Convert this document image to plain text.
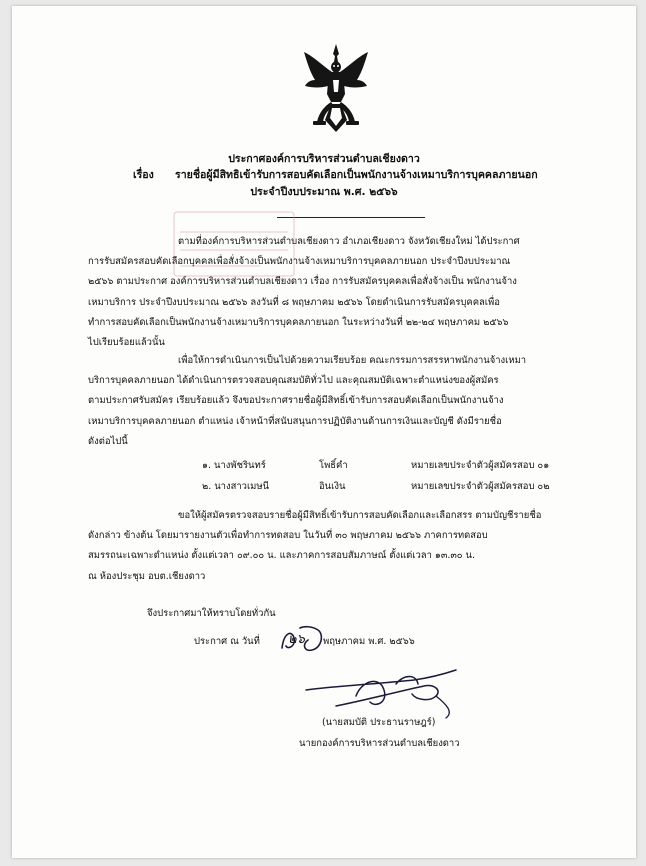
ประกาศองค์การบริหารส่วนตำบลเชียงดาว

เรื่อง รายชื่อผู้มีสิทธิเข้ารับการสอบคัดเลือกเป็นพนักงานจ้างเหมาบริการบุคคลภายนอก

ประจำปีงบประมาณ พ.ศ. ๒๕๖๖

ตามที่องค์การบริหารส่วนตำบลเชียงดาว อำเภอเชียงดาว จังหวัดเชียงใหม่ ได้ประกาศ
การรับสมัครสอบคัดเลือกบุคคลเพื่อสั่งจ้างเป็นพนักงานจ้างเหมาบริการบุคคลภายนอก ประจำปีงบประมาณ
๒๕๖๖ ตามประกาศ องค์การบริหารส่วนตำบลเชียงดาว เรื่อง การรับสมัครบุคคลเพื่อสั่งจ้างเป็น พนักงานจ้าง
เหมาบริการ ประจำปีงบประมาณ ๒๕๖๖ ลงวันที่ ๘ พฤษภาคม ๒๕๖๖ โดยดำเนินการรับสมัครบุคคลเพื่อ
ทำการสอบคัดเลือกเป็นพนักงานจ้างเหมาบริการบุคคลภายนอก ในระหว่างวันที่ ๒๒-๒๔ พฤษภาคม ๒๕๖๖
ไปเรียบร้อยแล้วนั้น
เพื่อให้การดำเนินการเป็นไปด้วยความเรียบร้อย คณะกรรมการสรรหาพนักงานจ้างเหมา
บริการบุคคลภายนอก ได้ดำเนินการตรวจสอบคุณสมบัติทั่วไป และคุณสมบัติเฉพาะตำแหน่งของผู้สมัคร
ตามประกาศรับสมัคร เรียบร้อยแล้ว จึงขอประกาศรายชื่อผู้มีสิทธิ์เข้ารับการสอบคัดเลือกเป็นพนักงานจ้าง
เหมาบริการบุคคลภายนอก ตำแหน่ง เจ้าหน้าที่สนับสนุนการปฏิบัติงานด้านการเงินและบัญชี ดังมีรายชื่อ
ดังต่อไปนี้
๑. นางพัชรินทร์	โพธิ์คำ	หมายเลขประจำตัวผู้สมัครสอบ ๐๑
๒. นางสาวเมษนี	อินเงิน	หมายเลขประจำตัวผู้สมัครสอบ ๐๒
ขอให้ผู้สมัครตรวจสอบรายชื่อผู้มีสิทธิ์เข้ารับการสอบคัดเลือกและเลือกสรร ตามบัญชีรายชื่อ
ดังกล่าว ข้างต้น โดยมารายงานตัวเพื่อทำการทดสอบ ในวันที่ ๓๐ พฤษภาคม ๒๕๖๖ ภาคการทดสอบ
สมรรถนะเฉพาะตำแหน่ง ตั้งแต่เวลา ๐๙.๐๐ น. และภาคการสอบสัมภาษณ์ ตั้งแต่เวลา ๑๓.๓๐ น.
ณ ห้องประชุม อบต.เชียงดาว
จึงประกาศมาให้ทราบโดยทั่วกัน
ประกาศ ณ วันที่ ๒๖ พฤษภาคม พ.ศ. ๒๕๖๖
(นายสมบัติ ประธานราษฎร์)
นายกองค์การบริหารส่วนตำบลเชียงดาว
